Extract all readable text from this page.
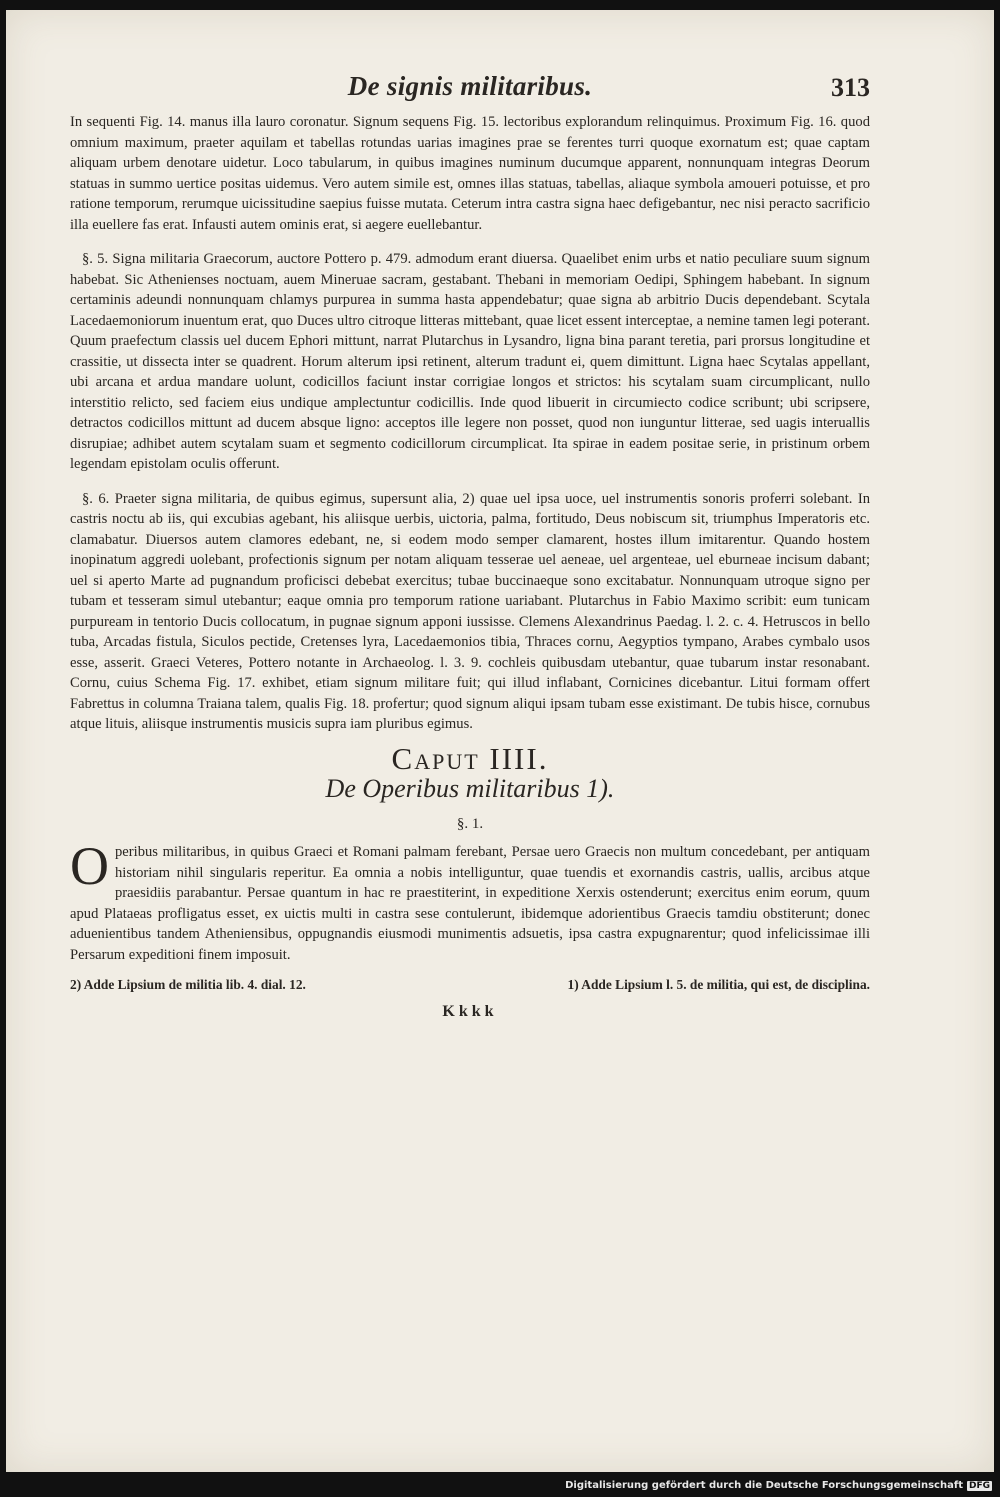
De signis militaribus.	313

In sequenti Fig. 14. manus illa lauro coronatur. Signum sequens Fig. 15. lectoribus explorandum relinquimus. Proximum Fig. 16. quod omnium maximum, praeter aquilam et tabellas rotundas uarias imagines prae se ferentes turri quoque exornatum est; quae captam aliquam urbem denotare uidetur. Loco tabularum, in quibus imagines numinum ducumque apparent, nonnunquam integras Deorum statuas in summo uertice positas uidemus. Vero autem simile est, omnes illas statuas, tabellas, aliaque symbola amoueri potuisse, et pro ratione temporum, rerumque uicissitudine saepius fuisse mutata. Ceterum intra castra signa haec defigebantur, nec nisi peracto sacrificio illa euellere fas erat. Infausti autem ominis erat, si aegere euellebantur.

§. 5. Signa militaria Graecorum, auctore Pottero p. 479. admodum erant diuersa. Quaelibet enim urbs et natio peculiare suum signum habebat. Sic Athenienses noctuam, auem Mineruae sacram, gestabant. Thebani in memoriam Oedipi, Sphingem habebant. In signum certaminis adeundi nonnunquam chlamys purpurea in summa hasta appendebatur; quae signa ab arbitrio Ducis dependebant. Scytala Lacedaemoniorum inuentum erat, quo Duces ultro citroque litteras mittebant, quae licet essent interceptae, a nemine tamen legi poterant. Quum praefectum classis uel ducem Ephori mittunt, narrat Plutarchus in Lysandro, ligna bina parant teretia, pari prorsus longitudine et crassitie, ut dissecta inter se quadrent. Horum alterum ipsi retinent, alterum tradunt ei, quem dimittunt. Ligna haec Scytalas appellant, ubi arcana et ardua mandare uolunt, codicillos faciunt instar corrigiae longos et strictos: his scytalam suam circumplicant, nullo interstitio relicto, sed faciem eius undique amplectuntur codicillis. Inde quod libuerit in circumiecto codice scribunt; ubi scripsere, detractos codicillos mittunt ad ducem absque ligno: acceptos ille legere non posset, quod non iunguntur litterae, sed uagis interuallis disrupiae; adhibet autem scytalam suam et segmento codicillorum circumplicat. Ita spirae in eadem positae serie, in pristinum orbem legendam epistolam oculis offerunt.

§. 6. Praeter signa militaria, de quibus egimus, supersunt alia, 2) quae uel ipsa uoce, uel instrumentis sonoris proferri solebant. In castris noctu ab iis, qui excubias agebant, his aliisque uerbis, uictoria, palma, fortitudo, Deus nobiscum sit, triumphus Imperatoris etc. clamabatur. Diuersos autem clamores edebant, ne, si eodem modo semper clamarent, hostes illum imitarentur. Quando hostem inopinatum aggredi uolebant, profectionis signum per notam aliquam tesserae uel aeneae, uel argenteae, uel eburneae incisum dabant; uel si aperto Marte ad pugnandum proficisci debebat exercitus; tubae buccinaeque sono excitabatur. Nonnunquam utroque signo per tubam et tesseram simul utebantur; eaque omnia pro temporum ratione uariabant. Plutarchus in Fabio Maximo scribit: eum tunicam purpuream in tentorio Ducis collocatum, in pugnae signum apponi iussisse. Clemens Alexandrinus Paedag. l. 2. c. 4. Hetruscos in bello tuba, Arcadas fistula, Siculos pectide, Cretenses lyra, Lacedaemonios tibia, Thraces cornu, Aegyptios tympano, Arabes cymbalo usos esse, asserit. Graeci Veteres, Pottero notante in Archaeolog. l. 3. 9. cochleis quibusdam utebantur, quae tubarum instar resonabant. Cornu, cuius Schema Fig. 17. exhibet, etiam signum militare fuit; qui illud inflabant, Cornicines dicebantur. Litui formam offert Fabrettus in columna Traiana talem, qualis Fig. 18. profertur; quod signum aliqui ipsam tubam esse existimant. De tubis hisce, cornubus atque lituis, aliisque instrumentis musicis supra iam pluribus egimus.

Caput IIII.
De Operibus militaribus 1).
§. 1.

O peribus militaribus, in quibus Graeci et Romani palmam ferebant, Persae uero Graecis non multum concedebant, per antiquam historiam nihil singularis reperitur. Ea omnia a nobis intelliguntur, quae tuendis et exornandis castris, uallis, arcibus atque praesidiis parabantur. Persae quantum in hac re praestiterint, in expeditione Xerxis ostenderunt; exercitus enim eorum, quum apud Plataeas profligatus esset, ex uictis multi in castra sese contulerunt, ibidemque adorientibus Graecis tamdiu obstiterunt; donec aduenientibus tandem Atheniensibus, oppugnandis eiusmodi munimentis adsuetis, ipsa castra expugnarentur; quod infelicissimae illi Persarum expeditioni finem imposuit.

2) Adde Lipsium de militia lib. 4. dial. 12.	1) Adde Lipsium l. 5. de militia, qui est, de disciplina.
Kkkk
Digitalisierung gefördert durch die Deutsche Forschungsgemeinschaft DFG
